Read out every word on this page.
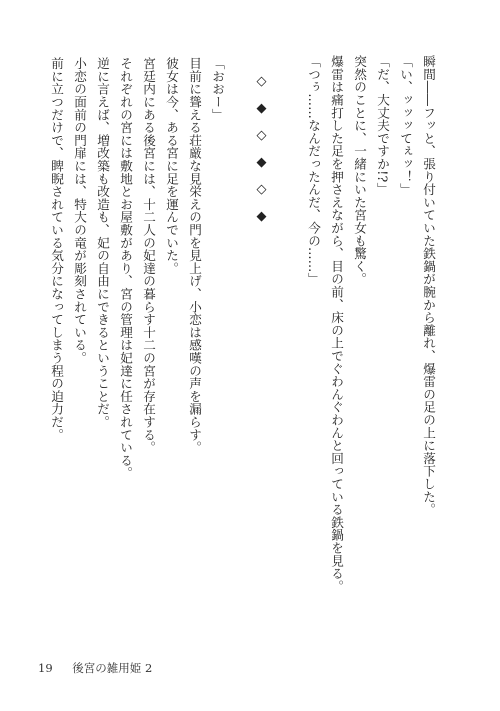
瞬間――フッと、張り付いていた鉄鍋が腕から離れ、爆雷の足の上に落下した。
「い、ッッッてぇッ！」
「だ、大丈夫ですか!?」
突然のことに、一緒にいた宮女も驚く。
爆雷は痛打した足を押さえながら、目の前、床の上でぐわんぐわんと回っている鉄鍋を見る。
「つぅ……なんだったんだ、今の……」
◇◆◇◆◇◆
「おおー」
目前に聳える荘厳な見栄えの門を見上げ、小恋は感嘆の声を漏らす。
彼女は今、ある宮に足を運んでいた。
宮廷内にある後宮には、十二人の妃達の暮らす十二の宮が存在する。
それぞれの宮には敷地とお屋敷があり、宮の管理は妃達に任されている。
逆に言えば、増改築も改造も、妃の自由にできるということだ。
小恋の面前の門扉には、特大の竜が彫刻されている。
前に立つだけで、睥睨されている気分になってしまう程の迫力だ。
19 後宮の雑用姫 2
